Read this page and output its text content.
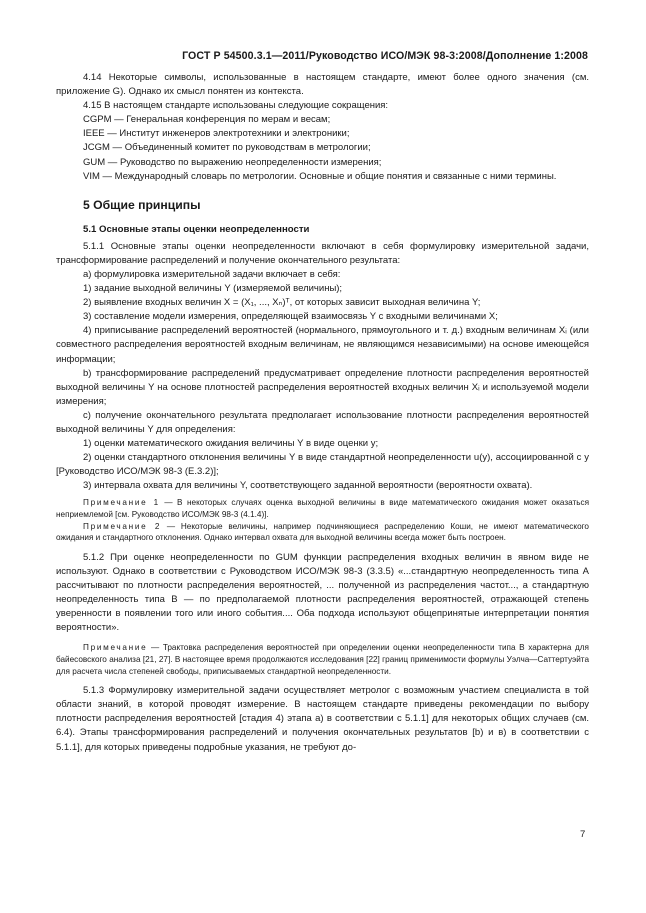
ГОСТ Р 54500.3.1—2011/Руководство ИСО/МЭК 98-3:2008/Дополнение 1:2008

4.14 Некоторые символы, использованные в настоящем стандарте, имеют более одного значения (см. приложение G). Однако их смысл понятен из контекста.

4.15 В настоящем стандарте использованы следующие сокращения:

CGPM — Генеральная конференция по мерам и весам;

IEEE — Институт инженеров электротехники и электроники;

JCGM — Объединенный комитет по руководствам в метрологии;

GUM — Руководство по выражению неопределенности измерения;

VIM — Международный словарь по метрологии. Основные и общие понятия и связанные с ними термины.

5 Общие принципы
5.1 Основные этапы оценки неопределенности

5.1.1 Основные этапы оценки неопределенности включают в себя формулировку измерительной задачи, трансформирование распределений и получение окончательного результата:

а) формулировка измерительной задачи включает в себя:

1) задание выходной величины Y (измеряемой величины);

2) выявление входных величин X = (X₁, ..., Xₙ)ᵀ, от которых зависит выходная величина Y;

3) составление модели измерения, определяющей взаимосвязь Y с входными величинами X;

4) приписывание распределений вероятностей (нормального, прямоугольного и т. д.) входным величинам Xᵢ (или совместного распределения вероятностей входным величинам, не являющимся независимыми) на основе имеющейся информации;

b) трансформирование распределений предусматривает определение плотности распределения вероятностей выходной величины Y на основе плотностей распределения вероятностей входных величин Xᵢ и используемой модели измерения;

с) получение окончательного результата предполагает использование плотности распределения вероятностей выходной величины Y для определения:

1) оценки математического ожидания величины Y в виде оценки y;

2) оценки стандартного отклонения величины Y в виде стандартной неопределенности u(y), ассоциированной с y [Руководство ИСО/МЭК 98-3 (Е.3.2)];

3) интервала охвата для величины Y, соответствующего заданной вероятности (вероятности охвата).

Примечание 1 — В некоторых случаях оценка выходной величины в виде математического ожидания может оказаться неприемлемой [см. Руководство ИСО/МЭК 98-3 (4.1.4)].

Примечание 2 — Некоторые величины, например подчиняющиеся распределению Коши, не имеют математического ожидания и стандартного отклонения. Однако интервал охвата для выходной величины всегда может быть построен.

5.1.2 При оценке неопределенности по GUM функции распределения входных величин в явном виде не используют. Однако в соответствии с Руководством ИСО/МЭК 98-3 (3.3.5) «...стандартную неопределенность типа А рассчитывают по плотности распределения вероятностей, ... полученной из распределения частот..., а стандартную неопределенность типа В — по предполагаемой плотности распределения вероятностей, отражающей степень уверенности в появлении того или иного события.... Оба подхода используют общепринятые интерпретации понятия вероятности».

Примечание — Трактовка распределения вероятностей при определении оценки неопределенности типа В характерна для байесовского анализа [21, 27]. В настоящее время продолжаются исследования [22] границ применимости формулы Уэлча—Саттертуэйта для расчета числа степеней свободы, приписываемых стандартной неопределенности.

5.1.3 Формулировку измерительной задачи осуществляет метролог с возможным участием специалиста в той области знаний, в которой проводят измерение. В настоящем стандарте приведены рекомендации по выбору плотности распределения вероятностей [стадия 4) этапа а) в соответствии с 5.1.1] для некоторых общих случаев (см. 6.4). Этапы трансформирования распределений и получения окончательных результатов [b) и в) в соответствии с 5.1.1], для которых приведены подробные указания, не требуют до-

7
